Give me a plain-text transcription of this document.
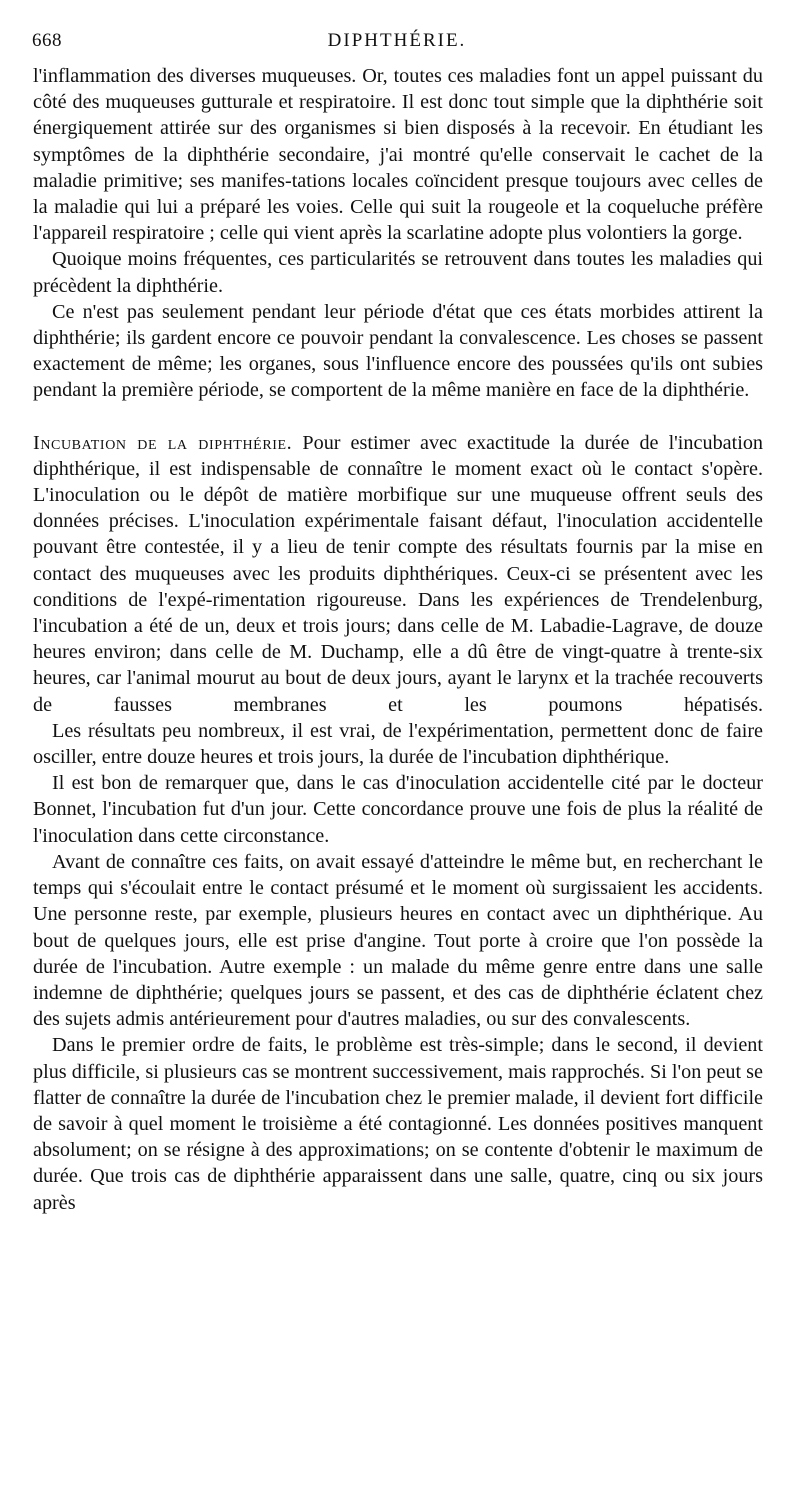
668	DIPHTHÉRIE.

l'inflammation des diverses muqueuses. Or, toutes ces maladies font un appel puissant du côté des muqueuses gutturale et respiratoire. Il est donc tout simple que la diphthérie soit énergiquement attirée sur des organismes si bien disposés à la recevoir. En étudiant les symptômes de la diphthérie secondaire, j'ai montré qu'elle conservait le cachet de la maladie primitive; ses manifes-tations locales coïncident presque toujours avec celles de la maladie qui lui a préparé les voies. Celle qui suit la rougeole et la coqueluche préfère l'appareil respiratoire ; celle qui vient après la scarlatine adopte plus volontiers la gorge.

Quoique moins fréquentes, ces particularités se retrouvent dans toutes les maladies qui précèdent la diphthérie.

Ce n'est pas seulement pendant leur période d'état que ces états morbides attirent la diphthérie; ils gardent encore ce pouvoir pendant la convalescence. Les choses se passent exactement de même; les organes, sous l'influence encore des poussées qu'ils ont subies pendant la première période, se comportent de la même manière en face de la diphthérie.

Incubation de la diphthérie. Pour estimer avec exactitude la durée de l'incubation diphthérique, il est indispensable de connaître le moment exact où le contact s'opère. L'inoculation ou le dépôt de matière morbifique sur une muqueuse offrent seuls des données précises. L'inoculation expérimentale faisant défaut, l'inoculation accidentelle pouvant être contestée, il y a lieu de tenir compte des résultats fournis par la mise en contact des muqueuses avec les produits diphthériques. Ceux-ci se présentent avec les conditions de l'expé-rimentation rigoureuse. Dans les expériences de Trendelenburg, l'incubation a été de un, deux et trois jours; dans celle de M. Labadie-Lagrave, de douze heures environ; dans celle de M. Duchamp, elle a dû être de vingt-quatre à trente-six heures, car l'animal mourut au bout de deux jours, ayant le larynx et la trachée recouverts de fausses membranes et les poumons hépatisés.

Les résultats peu nombreux, il est vrai, de l'expérimentation, permettent donc de faire osciller, entre douze heures et trois jours, la durée de l'incubation diphthérique.

Il est bon de remarquer que, dans le cas d'inoculation accidentelle cité par le docteur Bonnet, l'incubation fut d'un jour. Cette concordance prouve une fois de plus la réalité de l'inoculation dans cette circonstance.

Avant de connaître ces faits, on avait essayé d'atteindre le même but, en recherchant le temps qui s'écoulait entre le contact présumé et le moment où surgissaient les accidents. Une personne reste, par exemple, plusieurs heures en contact avec un diphthérique. Au bout de quelques jours, elle est prise d'angine. Tout porte à croire que l'on possède la durée de l'incubation. Autre exemple : un malade du même genre entre dans une salle indemne de diphthérie; quelques jours se passent, et des cas de diphthérie éclatent chez des sujets admis antérieurement pour d'autres maladies, ou sur des convalescents.

Dans le premier ordre de faits, le problème est très-simple; dans le second, il devient plus difficile, si plusieurs cas se montrent successivement, mais rapprochés. Si l'on peut se flatter de connaître la durée de l'incubation chez le premier malade, il devient fort difficile de savoir à quel moment le troisième a été contagionné. Les données positives manquent absolument; on se résigne à des approximations; on se contente d'obtenir le maximum de durée. Que trois cas de diphthérie apparaissent dans une salle, quatre, cinq ou six jours après
